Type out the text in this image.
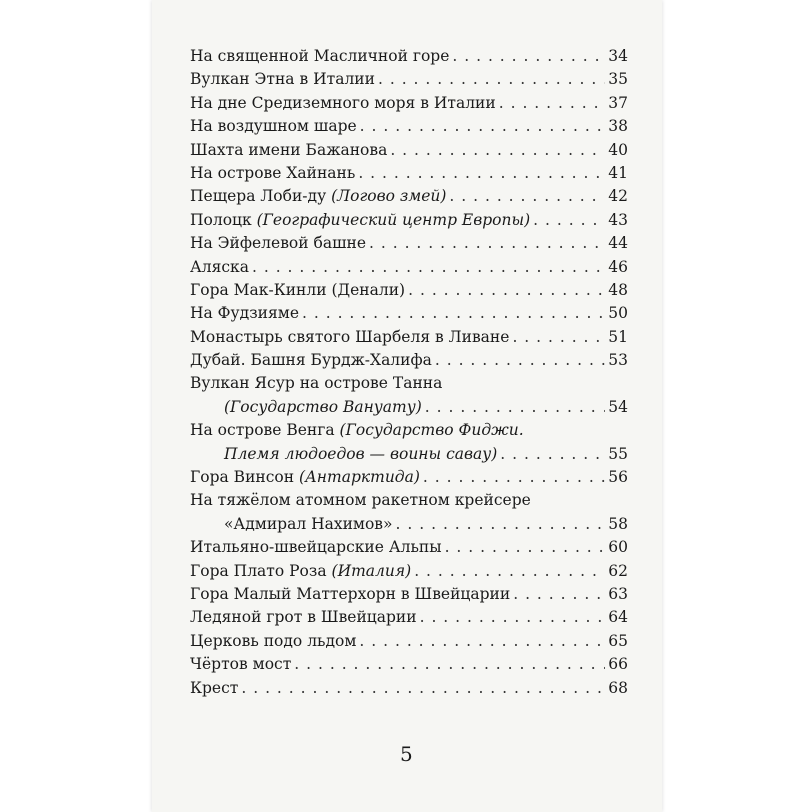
На священной Масличной горе . . .	34
Вулкан Этна в Италии . . .	35
На дне Средиземного моря в Италии . . .	37
На воздушном шаре . . .	38
Шахта имени Бажанова . . .	40
На острове Хайнань . . .	41
Пещера Лоби-ду (Логово змей) . . .	42
Полоцк (Географический центр Европы) . . .	43
На Эйфелевой башне . . .	44
Аляска . . .	46
Гора Мак-Кинли (Денали) . . .	48
На Фудзияме . . .	50
Монастырь святого Шарбеля в Ливане . . .	51
Дубай. Башня Бурдж-Халифа . . .	53
Вулкан Ясур на острове Танна
(Государство Вануату) . . .	54
На острове Венга (Государство Фиджи.
Племя людоедов — воины савау) . . .	55
Гора Винсон (Антарктида) . . .	56
На тяжёлом атомном ракетном крейсере
«Адмирал Нахимов» . . .	58
Итальяно-швейцарские Альпы . . .	60
Гора Плато Роза (Италия) . . .	62
Гора Малый Маттерхорн в Швейцарии . . .	63
Ледяной грот в Швейцарии . . .	64
Церковь подо льдом . . .	65
Чёртов мост . . .	66
Крест . . .	68
5
